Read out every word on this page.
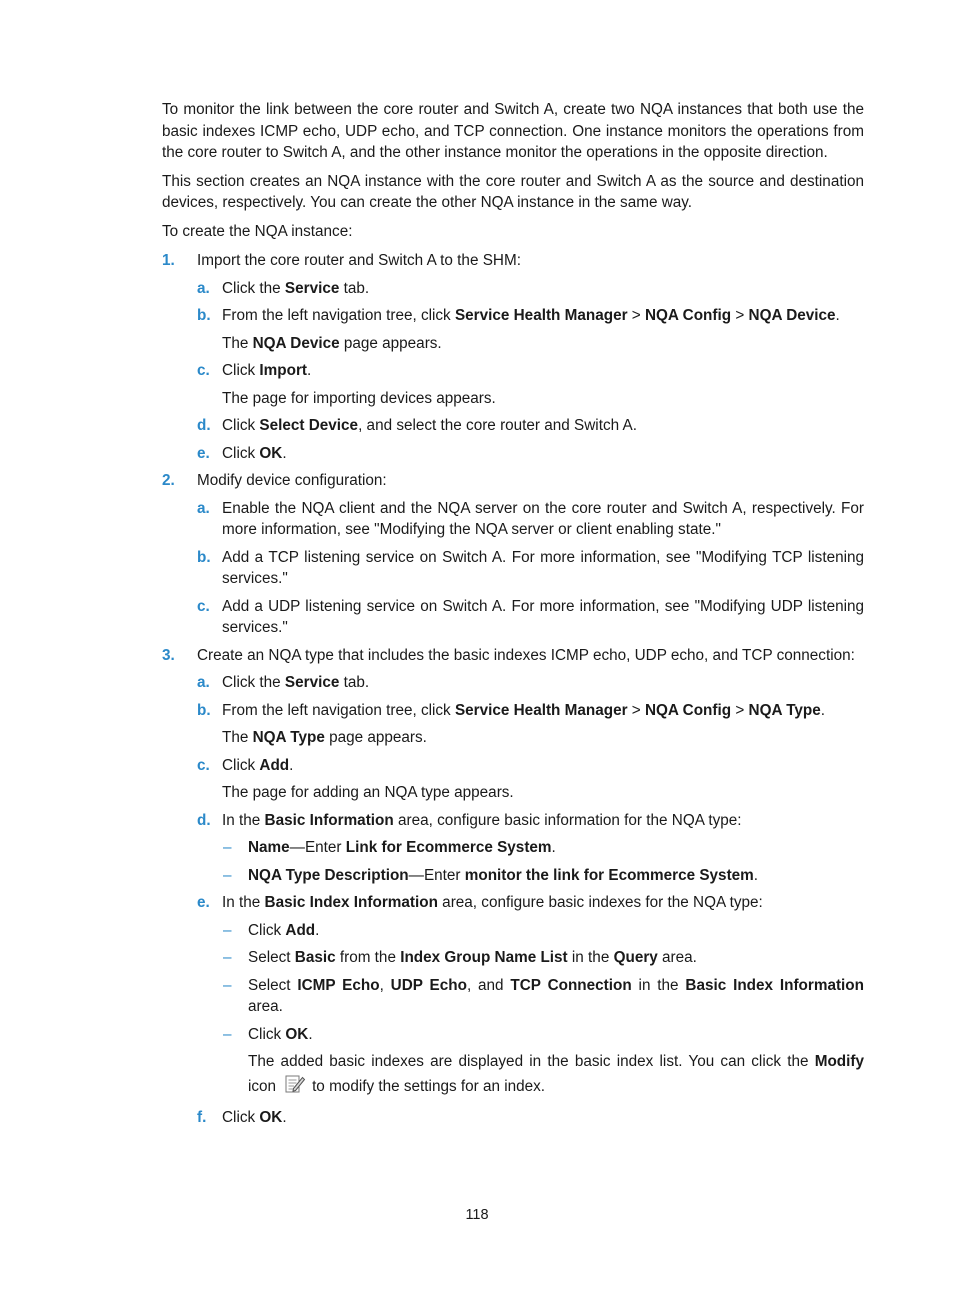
To monitor the link between the core router and Switch A, create two NQA instances that both use the basic indexes ICMP echo, UDP echo, and TCP connection. One instance monitors the operations from the core router to Switch A, and the other instance monitor the operations in the opposite direction.

This section creates an NQA instance with the core router and Switch A as the source and destination devices, respectively. You can create the other NQA instance in the same way.

To create the NQA instance:

1. Import the core router and Switch A to the SHM:
a. Click the Service tab.
b. From the left navigation tree, click Service Health Manager > NQA Config > NQA Device.
The NQA Device page appears.
c. Click Import.
The page for importing devices appears.
d. Click Select Device, and select the core router and Switch A.
e. Click OK.
2. Modify device configuration:
a. Enable the NQA client and the NQA server on the core router and Switch A, respectively. For more information, see "Modifying the NQA server or client enabling state."
b. Add a TCP listening service on Switch A. For more information, see "Modifying TCP listening services."
c. Add a UDP listening service on Switch A. For more information, see "Modifying UDP listening services."
3. Create an NQA type that includes the basic indexes ICMP echo, UDP echo, and TCP connection:
a. Click the Service tab.
b. From the left navigation tree, click Service Health Manager > NQA Config > NQA Type.
The NQA Type page appears.
c. Click Add.
The page for adding an NQA type appears.
d. In the Basic Information area, configure basic information for the NQA type:
– Name—Enter Link for Ecommerce System.
– NQA Type Description—Enter monitor the link for Ecommerce System.
e. In the Basic Index Information area, configure basic indexes for the NQA type:
– Click Add.
– Select Basic from the Index Group Name List in the Query area.
– Select ICMP Echo, UDP Echo, and TCP Connection in the Basic Index Information area.
– Click OK.
The added basic indexes are displayed in the basic index list. You can click the Modify icon to modify the settings for an index.
f. Click OK.
118
